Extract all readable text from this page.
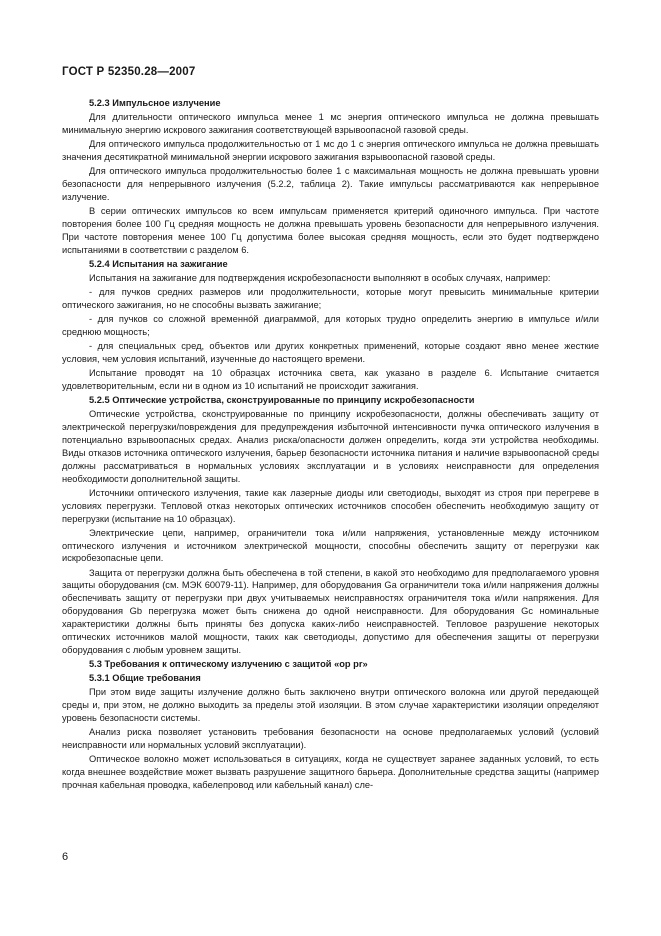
ГОСТ Р 52350.28—2007

5.2.3 Импульсное излучение

Для длительности оптического импульса менее 1 мс энергия оптического импульса не должна превышать минимальную энергию искрового зажигания соответствующей взрывоопасной газовой среды.

Для оптического импульса продолжительностью от 1 мс до 1 с энергия оптического импульса не должна превышать значения десятикратной минимальной энергии искрового зажигания взрывоопасной газовой среды.

Для оптического импульса продолжительностью более 1 с максимальная мощность не должна превышать уровни безопасности для непрерывного излучения (5.2.2, таблица 2). Такие импульсы рассматриваются как непрерывное излучение.

В серии оптических импульсов ко всем импульсам применяется критерий одиночного импульса. При частоте повторения более 100 Гц средняя мощность не должна превышать уровень безопасности для непрерывного излучения. При частоте повторения менее 100 Гц допустима более высокая средняя мощность, если это будет подтверждено испытаниями в соответствии с разделом 6.

5.2.4 Испытания на зажигание

Испытания на зажигание для подтверждения искробезопасности выполняют в особых случаях, например:

- для пучков средних размеров или продолжительности, которые могут превысить минимальные критерии оптического зажигания, но не способны вызвать зажигание;

- для пучков со сложной временнóй диаграммой, для которых трудно определить энергию в импульсе и/или среднюю мощность;

- для специальных сред, объектов или других конкретных применений, которые создают явно менее жесткие условия, чем условия испытаний, изученные до настоящего времени.

Испытание проводят на 10 образцах источника света, как указано в разделе 6. Испытание считается удовлетворительным, если ни в одном из 10 испытаний не происходит зажигания.

5.2.5 Оптические устройства, сконструированные по принципу искробезопасности

Оптические устройства, сконструированные по принципу искробезопасности, должны обеспечивать защиту от электрической перегрузки/повреждения для предупреждения избыточной интенсивности пучка оптического излучения в потенциально взрывоопасных средах. Анализ риска/опасности должен определить, когда эти устройства необходимы. Виды отказов источника оптического излучения, барьер безопасности источника питания и наличие взрывоопасной среды должны рассматриваться в нормальных условиях эксплуатации и в условиях неисправности для определения необходимости дополнительной защиты.

Источники оптического излучения, такие как лазерные диоды или светодиоды, выходят из строя при перегреве в условиях перегрузки. Тепловой отказ некоторых оптических источников способен обеспечить необходимую защиту от перегрузки (испытание на 10 образцах).

Электрические цепи, например, ограничители тока и/или напряжения, установленные между источником оптического излучения и источником электрической мощности, способны обеспечить защиту от перегрузки как искробезопасные цепи.

Защита от перегрузки должна быть обеспечена в той степени, в какой это необходимо для предполагаемого уровня защиты оборудования (см. МЭК 60079-11). Например, для оборудования Ga ограничители тока и/или напряжения должны обеспечивать защиту от перегрузки при двух учитываемых неисправностях ограничителя тока и/или напряжения. Для оборудования Gb перегрузка может быть снижена до одной неисправности. Для оборудования Gc номинальные характеристики должны быть приняты без допуска каких-либо неисправностей. Тепловое разрушение некоторых оптических источников малой мощности, таких как светодиоды, допустимо для обеспечения защиты от перегрузки оборудования с любым уровнем защиты.

5.3 Требования к оптическому излучению с защитой «op pr»

5.3.1 Общие требования

При этом виде защиты излучение должно быть заключено внутри оптического волокна или другой передающей среды и, при этом, не должно выходить за пределы этой изоляции. В этом случае характеристики изоляции определяют уровень безопасности системы.

Анализ риска позволяет установить требования безопасности на основе предполагаемых условий (условий неисправности или нормальных условий эксплуатации).

Оптическое волокно может использоваться в ситуациях, когда не существует заранее заданных условий, то есть когда внешнее воздействие может вызвать разрушение защитного барьера. Дополнительные средства защиты (например прочная кабельная проводка, кабелепровод или кабельный канал) сле-

6
